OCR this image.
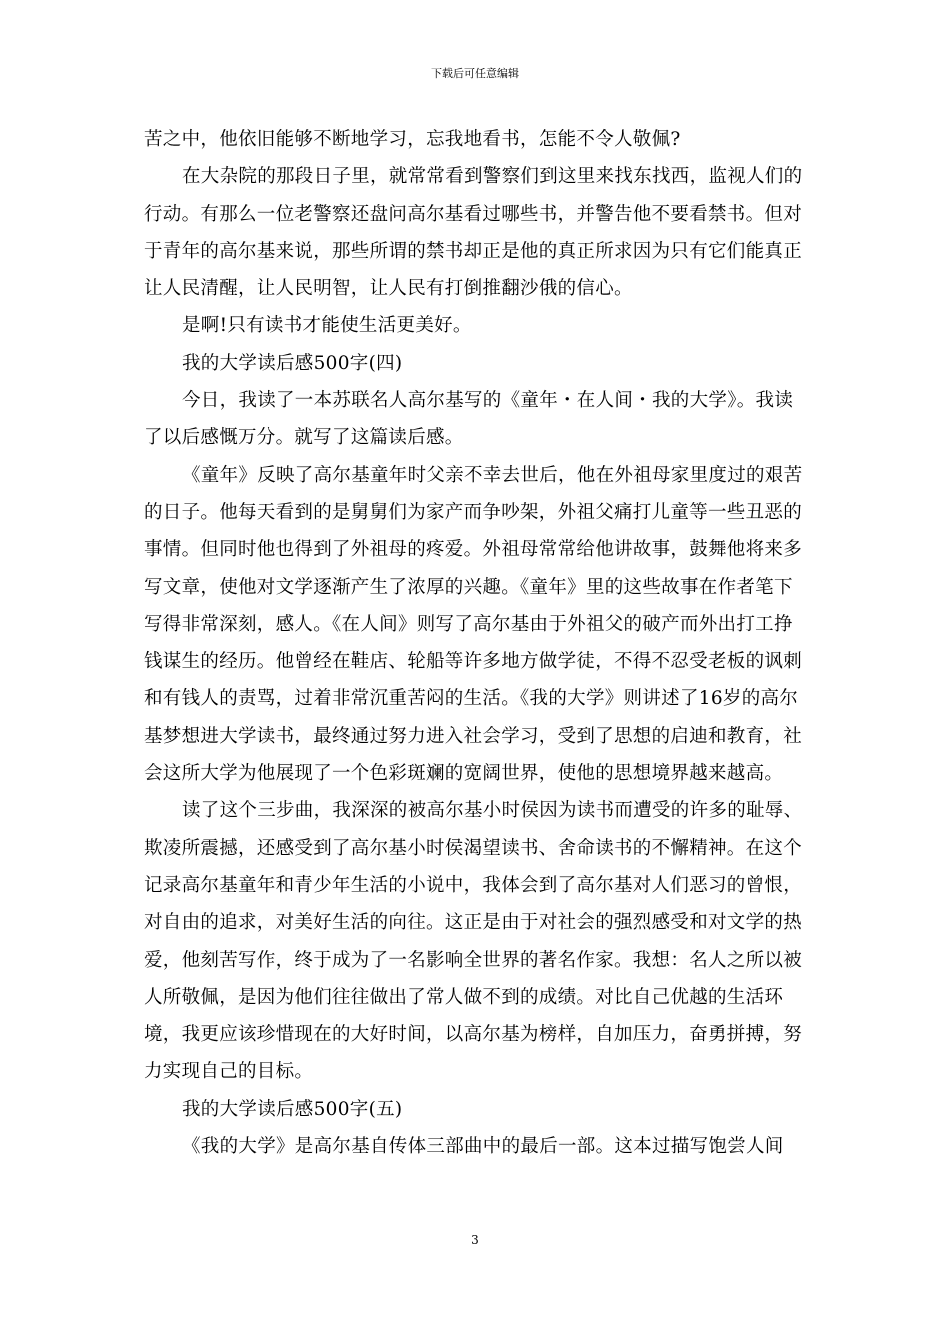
下载后可任意编辑

苦之中，他依旧能够不断地学习，忘我地看书，怎能不令人敬佩?

在大杂院的那段日子里，就常常看到警察们到这里来找东找西，监视人们的行动。有那么一位老警察还盘问高尔基看过哪些书，并警告他不要看禁书。但对于青年的高尔基来说，那些所谓的禁书却正是他的真正所求因为只有它们能真正让人民清醒，让人民明智，让人民有打倒推翻沙俄的信心。

是啊!只有读书才能使生活更美好。

我的大学读后感500字(四)

今日，我读了一本苏联名人高尔基写的《童年・在人间・我的大学》。我读了以后感慨万分。就写了这篇读后感。

《童年》反映了高尔基童年时父亲不幸去世后，他在外祖母家里度过的艰苦的日子。他每天看到的是舅舅们为家产而争吵架，外祖父痛打儿童等一些丑恶的事情。但同时他也得到了外祖母的疼爱。外祖母常常给他讲故事，鼓舞他将来多写文章，使他对文学逐渐产生了浓厚的兴趣。《童年》里的这些故事在作者笔下写得非常深刻，感人。《在人间》则写了高尔基由于外祖父的破产而外出打工挣钱谋生的经历。他曾经在鞋店、轮船等许多地方做学徒，不得不忍受老板的讽刺和有钱人的责骂，过着非常沉重苦闷的生活。《我的大学》则讲述了16岁的高尔基梦想进大学读书，最终通过努力进入社会学习，受到了思想的启迪和教育，社会这所大学为他展现了一个色彩斑斓的宽阔世界，使他的思想境界越来越高。

读了这个三步曲，我深深的被高尔基小时侯因为读书而遭受的许多的耻辱、欺凌所震撼，还感受到了高尔基小时侯渴望读书、舍命读书的不懈精神。在这个记录高尔基童年和青少年生活的小说中，我体会到了高尔基对人们恶习的曾恨，对自由的追求，对美好生活的向往。这正是由于对社会的强烈感受和对文学的热爱，他刻苦写作，终于成为了一名影响全世界的著名作家。我想：名人之所以被人所敬佩，是因为他们往往做出了常人做不到的成绩。对比自己优越的生活环境，我更应该珍惜现在的大好时间，以高尔基为榜样，自加压力，奋勇拼搏，努力实现自己的目标。

我的大学读后感500字(五)

《我的大学》是高尔基自传体三部曲中的最后一部。这本过描写饱尝人间

3
